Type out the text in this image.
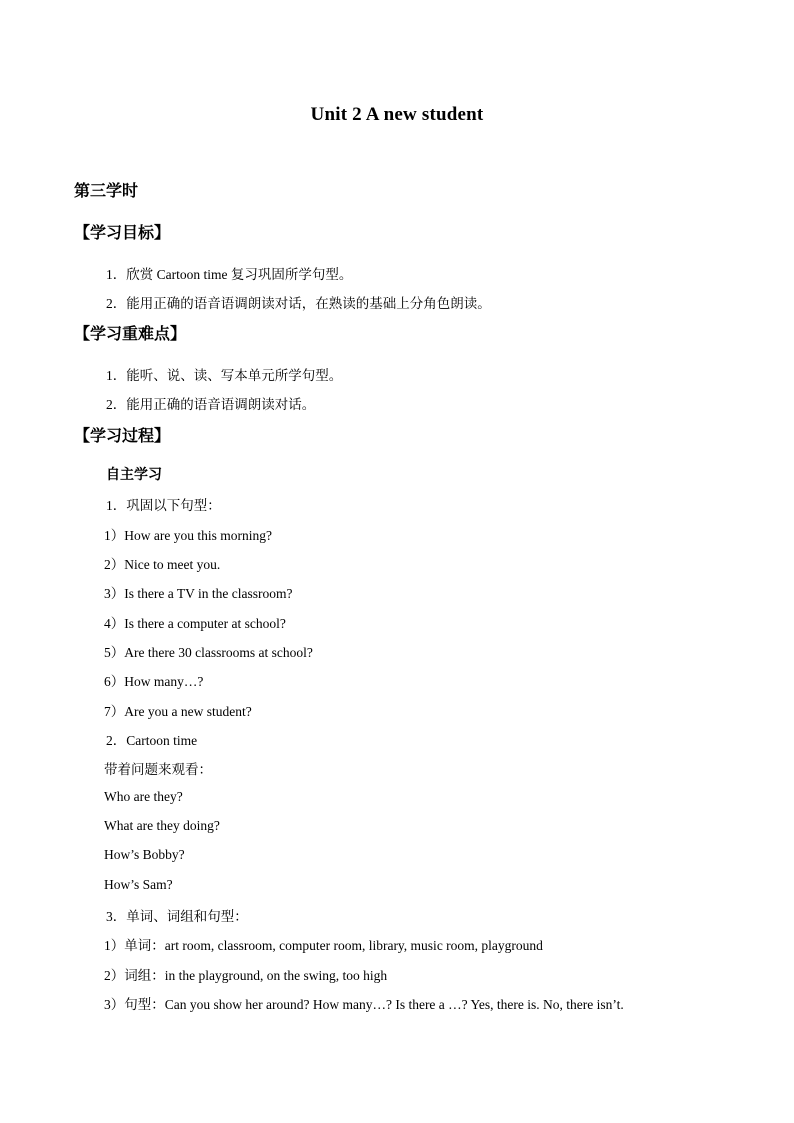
Unit 2 A new student
第三学时
【学习目标】
1．欣赏 Cartoon time 复习巩固所学句型。
2．能用正确的语音语调朗读对话，在熟读的基础上分角色朗读。
【学习重难点】
1．能听、说、读、写本单元所学句型。
2．能用正确的语音语调朗读对话。
【学习过程】
自主学习
1．巩固以下句型：
1）How are you this morning?
2）Nice to meet you.
3）Is there a TV in the classroom?
4）Is there a computer at school?
5）Are there 30 classrooms at school?
6）How many…?
7）Are you a new student?
2．Cartoon time
带着问题来观看：
Who are they?
What are they doing?
How’s Bobby?
How’s Sam?
3．单词、词组和句型：
1）单词：art room, classroom, computer room, library, music room, playground
2）词组：in the playground, on the swing, too high
3）句型：Can you show her around? How many…? Is there a …? Yes, there is. No, there isn’t.
